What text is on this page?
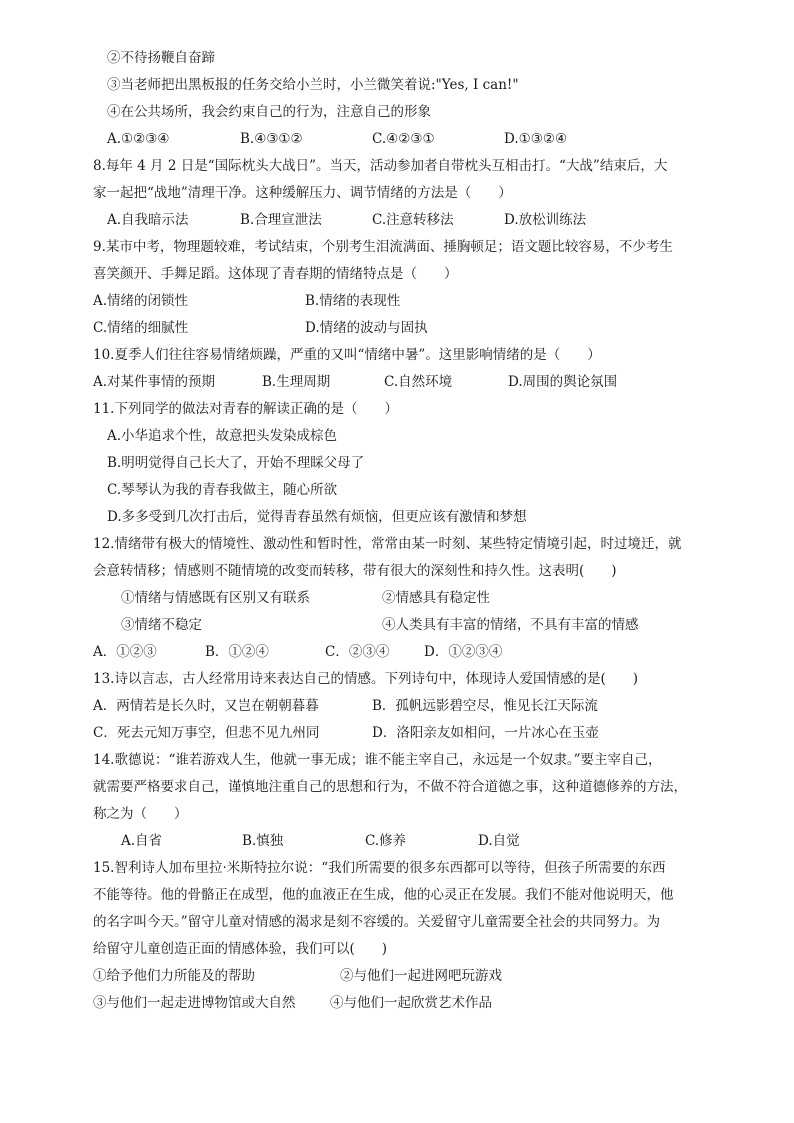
②不待扬鞭自奋蹄
③当老师把出黑板报的任务交给小兰时，小兰微笑着说:"Yes, I can!"
④在公共场所，我会约束自己的行为，注意自己的形象
A.①②③④	B.④③①②	C.④②③①	D.①③②④
8.每年 4 月 2 日是“国际枕头大战日”。当天，活动参加者自带枕头互相击打。“大战”结束后，大
家一起把“战地”清理干净。这种缓解压力、调节情绪的方法是（　　）
A.自我暗示法	B.合理宣泄法	C.注意转移法	D.放松训练法
9.某市中考，物理题较难，考试结束，个别考生泪流满面、捶胸顿足；语文题比较容易，不少考生
喜笑颜开、手舞足蹈。这体现了青春期的情绪特点是（　　）
A.情绪的闭锁性	B.情绪的表现性
C.情绪的细腻性	D.情绪的波动与固执
10.夏季人们往往容易情绪烦躁，严重的又叫“情绪中暑”。这里影响情绪的是（　　）
A.对某件事情的预期	B.生理周期	C.自然环境	D.周围的舆论氛围
11.下列同学的做法对青春的解读正确的是（　　）
A.小华追求个性，故意把头发染成棕色
B.明明觉得自己长大了，开始不理睬父母了
C.琴琴认为我的青春我做主，随心所欲
D.多多受到几次打击后，觉得青春虽然有烦恼，但更应该有激情和梦想
12.情绪带有极大的情境性、激动性和暂时性，常常由某一时刻、某些特定情境引起，时过境迁，就
会意转情移；情感则不随情境的改变而转移，带有很大的深刻性和持久性。这表明(　　)
①情绪与情感既有区别又有联系	②情感具有稳定性
③情绪不稳定	④人类具有丰富的情绪，不具有丰富的情感
A．①②③	B．①②④	C．②③④	D．①②③④
13.诗以言志，古人经常用诗来表达自己的情感。下列诗句中，体现诗人爱国情感的是(　　)
A．两情若是长久时，又岂在朝朝暮暮	B．孤帆远影碧空尽，惟见长江天际流
C．死去元知万事空，但悲不见九州同	D．洛阳亲友如相问，一片冰心在玉壶
14.歌德说：“谁若游戏人生，他就一事无成；谁不能主宰自己，永远是一个奴隶。”要主宰自己，
就需要严格要求自己，谨慎地注重自己的思想和行为，不做不符合道德之事，这种道德修养的方法，
称之为（　　）
A.自省	B.慎独	C.修养	D.自觉
15.智利诗人加布里拉·米斯特拉尔说：“我们所需要的很多东西都可以等待，但孩子所需要的东西
不能等待。他的骨骼正在成型，他的血液正在生成，他的心灵正在发展。我们不能对他说明天，他
的名字叫今天。”留守儿童对情感的渴求是刻不容缓的。关爱留守儿童需要全社会的共同努力。为
给留守儿童创造正面的情感体验，我们可以(　　)
①给予他们力所能及的帮助	②与他们一起进网吧玩游戏
③与他们一起走进博物馆或大自然	④与他们一起欣赏艺术作品
